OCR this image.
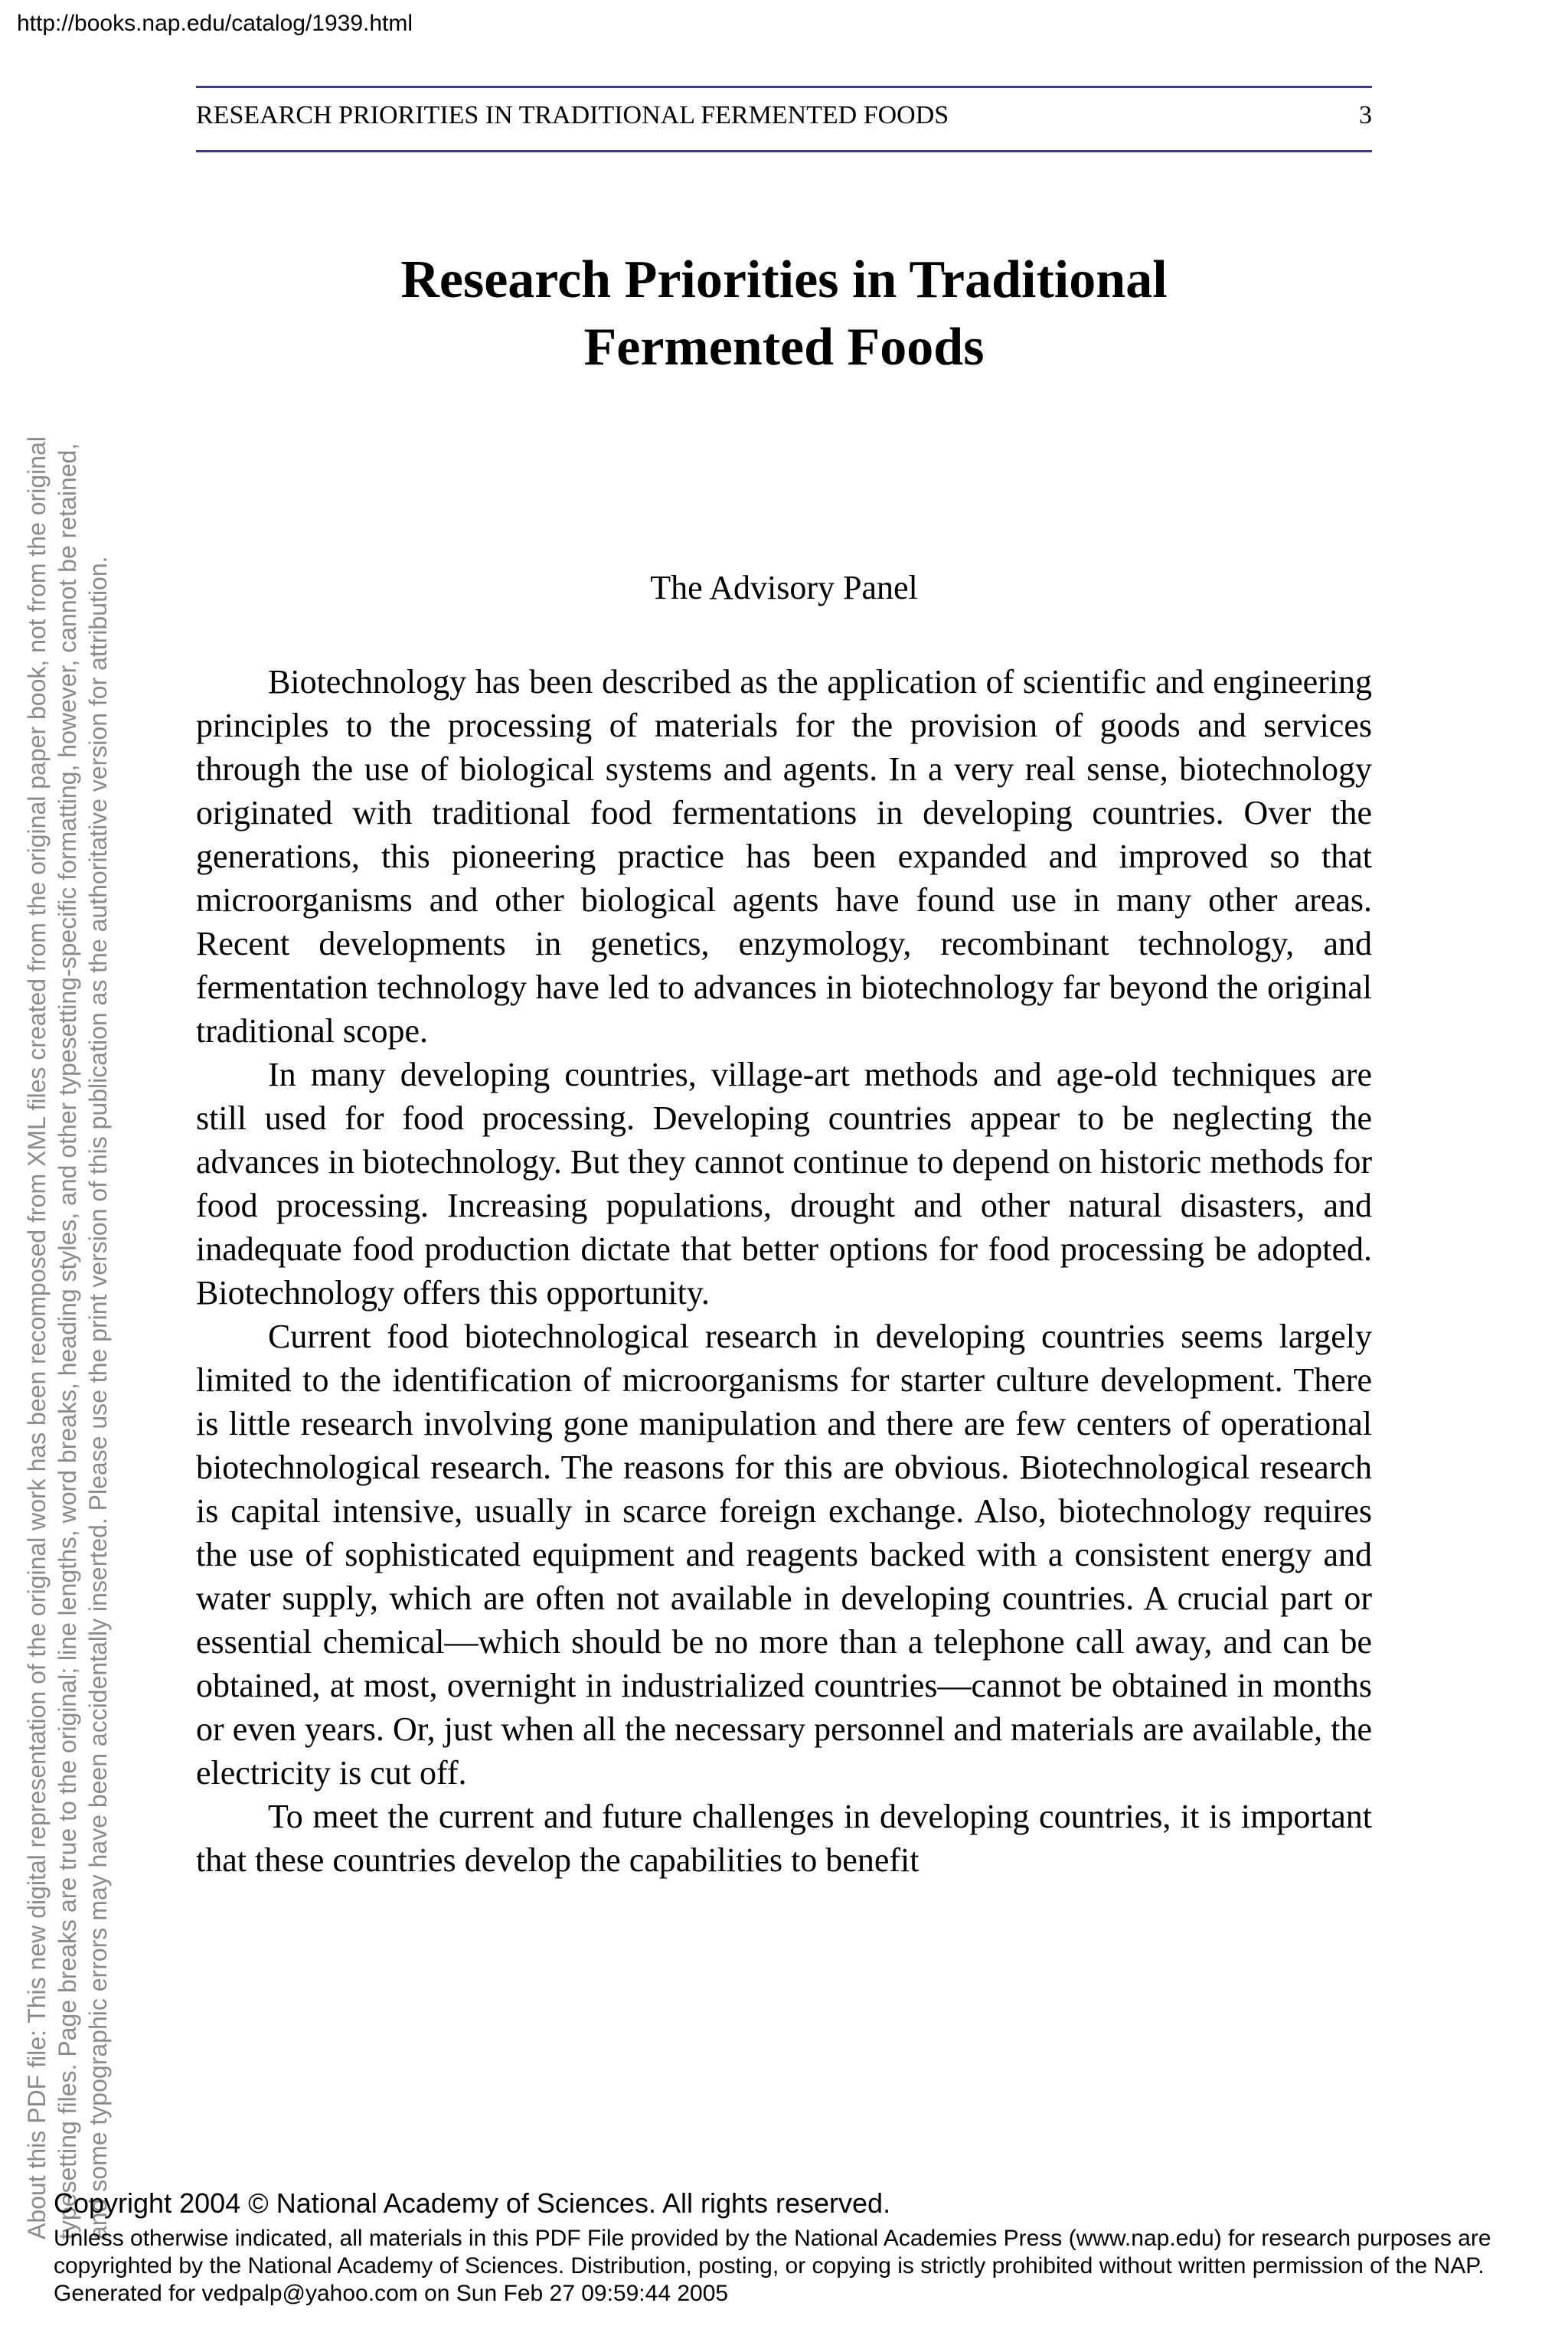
http://books.nap.edu/catalog/1939.html
About this PDF file: This new digital representation of the original work has been recomposed from XML files created from the original paper book, not from the original typesetting files. Page breaks are true to the original; line lengths, word breaks, heading styles, and other typesetting-specific formatting, however, cannot be retained, and some typographic errors may have been accidentally inserted. Please use the print version of this publication as the authoritative version for attribution.
RESEARCH PRIORITIES IN TRADITIONAL FERMENTED FOODS	3
Research Priorities in Traditional
Fermented Foods
The Advisory Panel

Biotechnology has been described as the application of scientific and engineering principles to the processing of materials for the provision of goods and services through the use of biological systems and agents. In a very real sense, biotechnology originated with traditional food fermentations in developing countries. Over the generations, this pioneering practice has been expanded and improved so that microorganisms and other biological agents have found use in many other areas. Recent developments in genetics, enzymology, recombinant technology, and fermentation technology have led to advances in biotechnology far beyond the original traditional scope.

In many developing countries, village-art methods and age-old techniques are still used for food processing. Developing countries appear to be neglecting the advances in biotechnology. But they cannot continue to depend on historic methods for food processing. Increasing populations, drought and other natural disasters, and inadequate food production dictate that better options for food processing be adopted. Biotechnology offers this opportunity.

Current food biotechnological research in developing countries seems largely limited to the identification of microorganisms for starter culture development. There is little research involving gone manipulation and there are few centers of operational biotechnological research. The reasons for this are obvious. Biotechnological research is capital intensive, usually in scarce foreign exchange. Also, biotechnology requires the use of sophisticated equipment and reagents backed with a consistent energy and water supply, which are often not available in developing countries. A crucial part or essential chemical—which should be no more than a telephone call away, and can be obtained, at most, overnight in industrialized countries—cannot be obtained in months or even years. Or, just when all the necessary personnel and materials are available, the electricity is cut off.

To meet the current and future challenges in developing countries, it is important that these countries develop the capabilities to benefit

Copyright 2004 © National Academy of Sciences. All rights reserved.
Unless otherwise indicated, all materials in this PDF File provided by the National Academies Press (www.nap.edu) for research purposes are copyrighted by the National Academy of Sciences. Distribution, posting, or copying is strictly prohibited without written permission of the NAP.
Generated for vedpalp@yahoo.com on Sun Feb 27 09:59:44 2005
